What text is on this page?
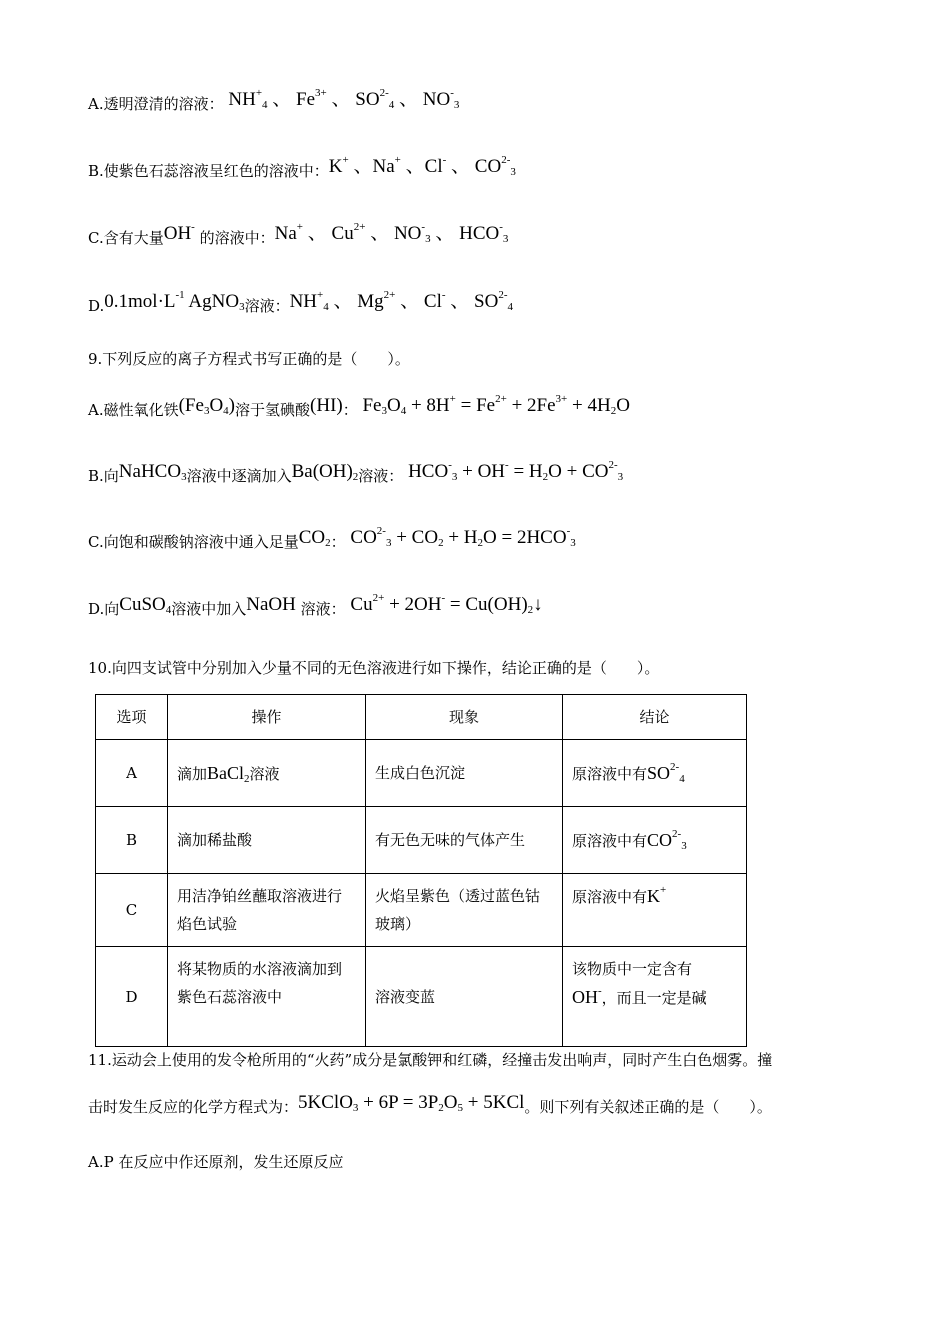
A.透明澄清的溶液： $NH^+_4$ 、 $Fe^{3+}$ 、 $SO^{2-}_4$ 、 $NO^-_3$
B.使紫色石蕊溶液呈红色的溶液中：K+ 、Na+ 、Cl- 、 $CO^{2-}_3$
C.含有大量OH- 的溶液中：Na+ 、 $Cu^{2+}$ 、 $NO^-_3$ 、 $HCO^-_3$
$D.0.1mol\cdot L^{-1}$ AgNO$_3$溶液：$NH^+_4$ 、 $Mg^{2+}$ 、 Cl- 、 $SO^{2-}_4$
9.下列反应的离子方程式书写正确的是（　　）。
A.磁性氧化铁$(Fe_3O_4)$溶于氢碘酸(HI)： $Fe_3O_4 + 8H^+ = Fe^{2+} + 2Fe^{3+} + 4H_2O$
B.向NaHCO$_3$溶液中逐滴加入$Ba(OH)_2$溶液： $HCO^-_3 + OH^- = H_2O + CO^{2-}_3$
C.向饱和碳酸钠溶液中通入足量$CO_2$： $CO^{2-}_3 + CO_2 + H_2O = 2HCO^-_3$
D.向CuSO$_4$溶液中加入NaOH 溶液： $Cu^{2+} + 2OH^-$ = $Cu(OH)_2↓$
10.向四支试管中分别加入少量不同的无色溶液进行如下操作，结论正确的是（　　）。
选项	操作	现象	结论
A	滴加BaCl$_2$溶液	生成白色沉淀	原溶液中有$SO^{2-}_4$
B	滴加稀盐酸	有无色无味的气体产生	原溶液中有$CO^{2-}_3$
C	用洁净铂丝蘸取溶液进行焰色试验	火焰呈紫色（透过蓝色钴玻璃）	原溶液中有K+
D	将某物质的水溶液滴加到紫色石蕊溶液中	溶液变蓝	该物质中一定含有
OH-，而且一定是碱
11.运动会上使用的发令枪所用的“火药”成分是氯酸钾和红磷，经撞击发出响声，同时产生白色烟雾。撞
击时发生反应的化学方程式为：5KClO$_3$ + $6P = 3P_2O_5 + 5KCl$。则下列有关叙述正确的是（　　）。
A.P 在反应中作还原剂，发生还原反应
